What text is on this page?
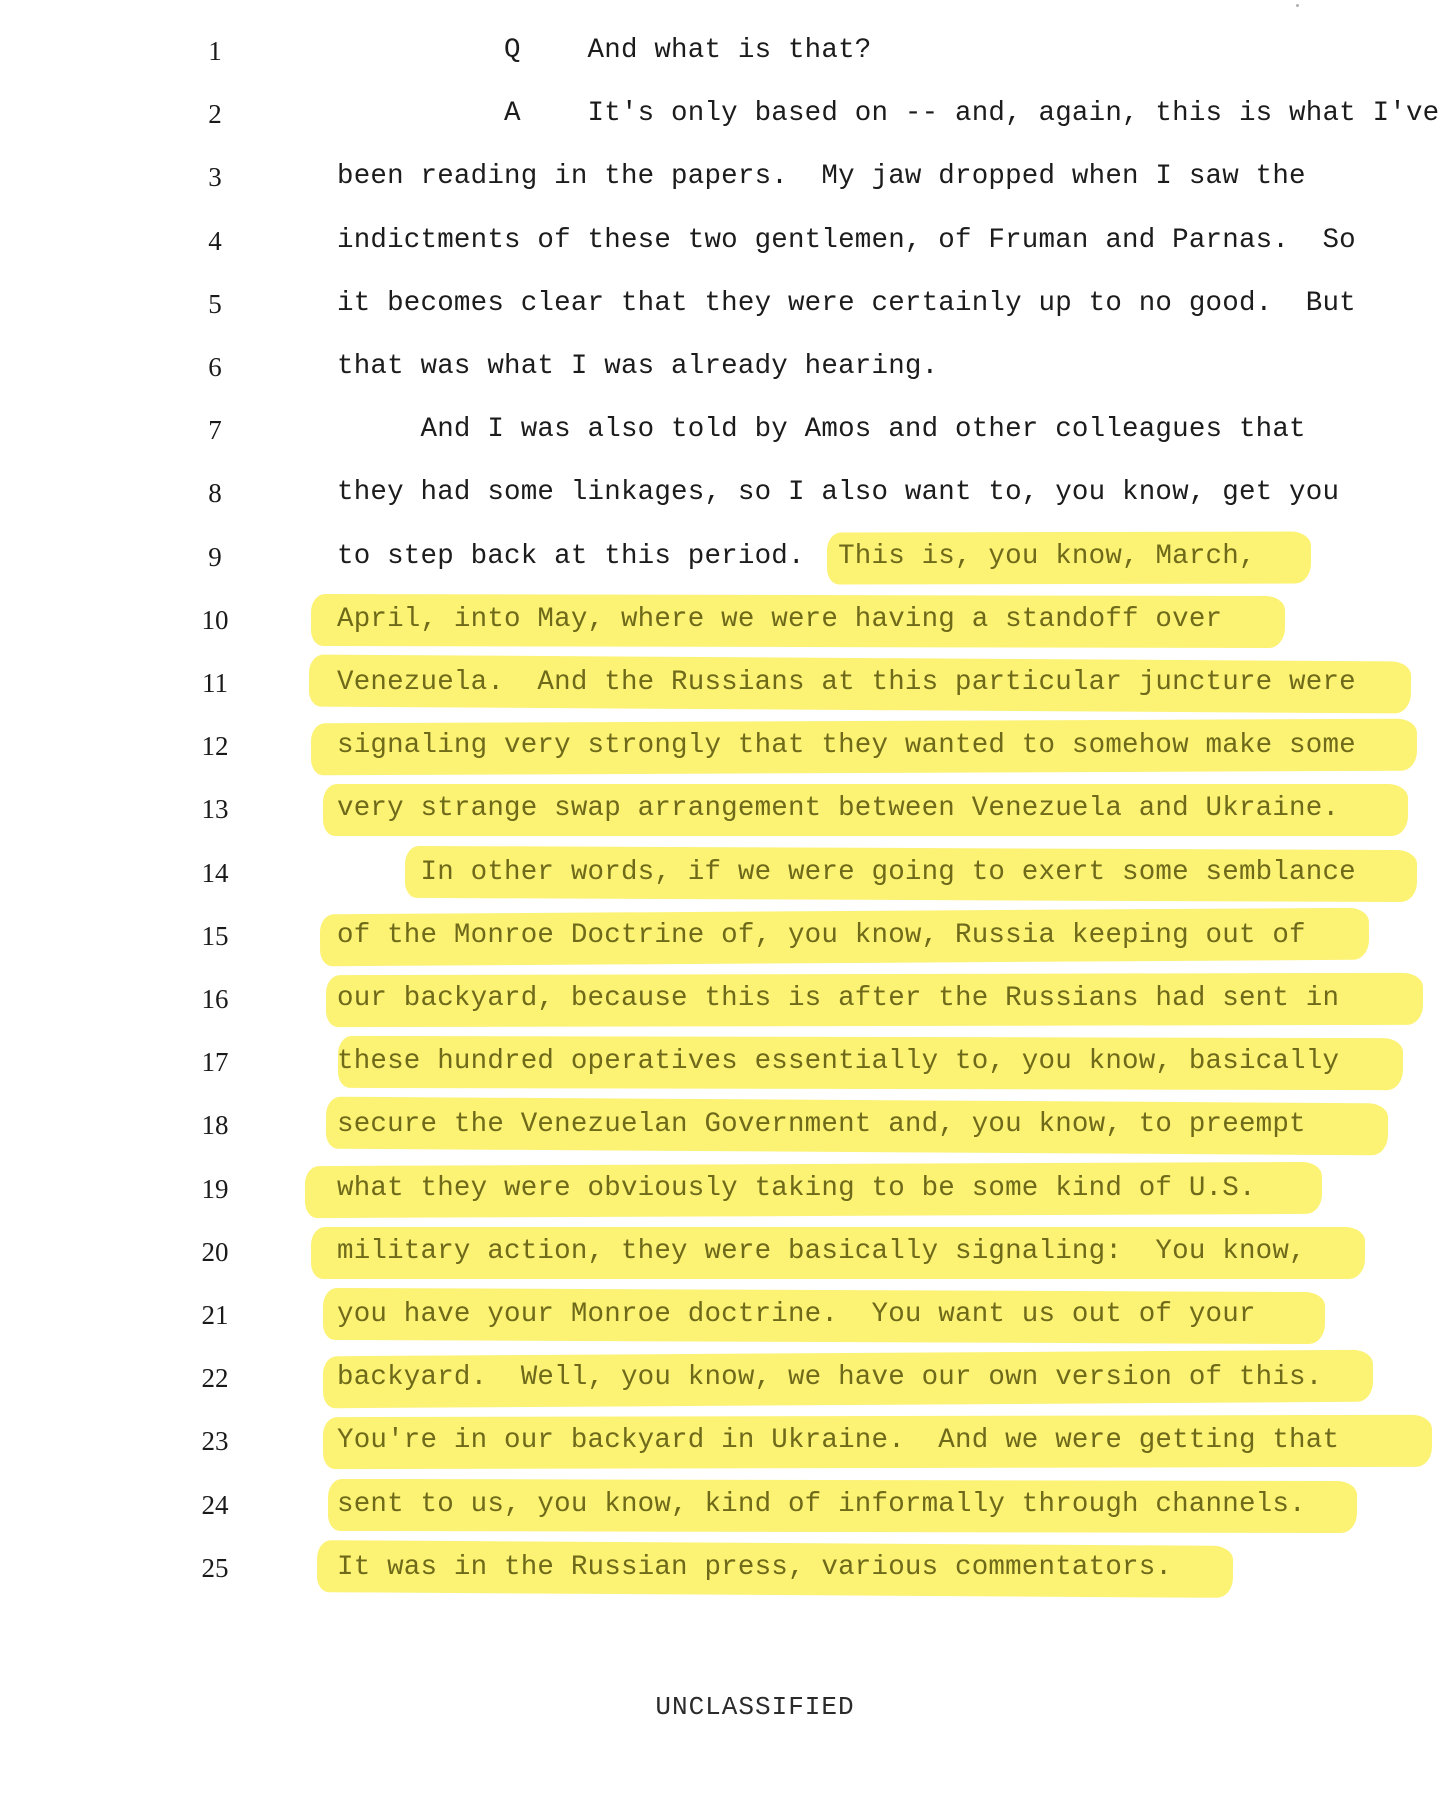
1	Q    And what is that?
2	A    It's only based on -- and, again, this is what I've
3	been reading in the papers.  My jaw dropped when I saw the
4	indictments of these two gentlemen, of Fruman and Parnas.  So
5	it becomes clear that they were certainly up to no good.  But
6	that was what I was already hearing.
7	And I was also told by Amos and other colleagues that
8	they had some linkages, so I also want to, you know, get you
9	to step back at this period.  This is, you know, March,
10	April, into May, where we were having a standoff over
11	Venezuela.  And the Russians at this particular juncture were
12	signaling very strongly that they wanted to somehow make some
13	very strange swap arrangement between Venezuela and Ukraine.
14	In other words, if we were going to exert some semblance
15	of the Monroe Doctrine of, you know, Russia keeping out of
16	our backyard, because this is after the Russians had sent in
17	these hundred operatives essentially to, you know, basically
18	secure the Venezuelan Government and, you know, to preempt
19	what they were obviously taking to be some kind of U.S.
20	military action, they were basically signaling:  You know,
21	you have your Monroe doctrine.  You want us out of your
22	backyard.  Well, you know, we have our own version of this.
23	You're in our backyard in Ukraine.  And we were getting that
24	sent to us, you know, kind of informally through channels.
25	It was in the Russian press, various commentators.
UNCLASSIFIED
